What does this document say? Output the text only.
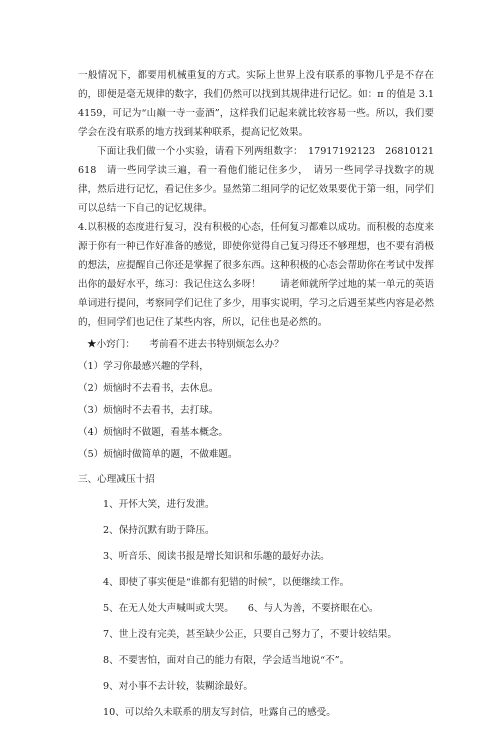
一般情况下，都要用机械重复的方式。实际上世界上没有联系的事物几乎是不存在的，即便是毫无规律的数字，我们仍然可以找到其规律进行记忆。如：π 的值是 3.14159，可记为“山巅一寺一壶酒”，这样我们记起来就比较容易一些。所以，我们要学会在没有联系的地方找到某种联系，提高记忆效果。

下面让我们做一个小实验，请看下列两组数字：　17917192123　26810121618　请一些同学读三遍，看一看他们能记住多少，　请另一些同学寻找数字的规律，然后进行记忆，看记住多少。显然第二组同学的记忆效果要优于第一组，同学们可以总结一下自己的记忆规律。

4.以积极的态度进行复习，没有积极的心态，任何复习都难以成功。而积极的态度来源于你有一种已作好准备的感觉，即使你觉得自己复习得还不够理想，也不要有消极的想法，应提醒自己你还是掌握了很多东西。这种积极的心态会帮助你在考试中发挥出你的最好水平，练习：我记住这么多呀！　　请老师就所学过地的某一单元的英语单词进行提问，考察同学们记住了多少，用事实说明，学习之后遇至某些内容是必然的，但同学们也记住了某些内容，所以，记住也是必然的。

★小窍门：　　考前看不进去书特别烦怎么办？

（1）学习你最感兴趣的学科，

（2）烦恼时不去看书，去休息。

（3）烦恼时不去看书，去打球。

（4）烦恼时不做题，看基本概念。

（5）烦恼时做简单的题，不做难题。

三、心理减压十招

1、开怀大笑，进行发泄。

2、保持沉默有助于降压。

3、听音乐、阅读书报是增长知识和乐趣的最好办法。

4、即使了事实便是“谁都有犯错的时候”，以便继续工作。

5、在无人处大声喊叫或大哭。 6、与人为善，不要挤眼在心。

7、世上没有完美，甚至缺少公正，只要自己努力了，不要计较结果。

8、不要害怕，面对自己的能力有限，学会适当地说“不”。

9、对小事不去计较，装糊涂最好。

10、可以给久未联系的朋友写封信，吐露自己的感受。
